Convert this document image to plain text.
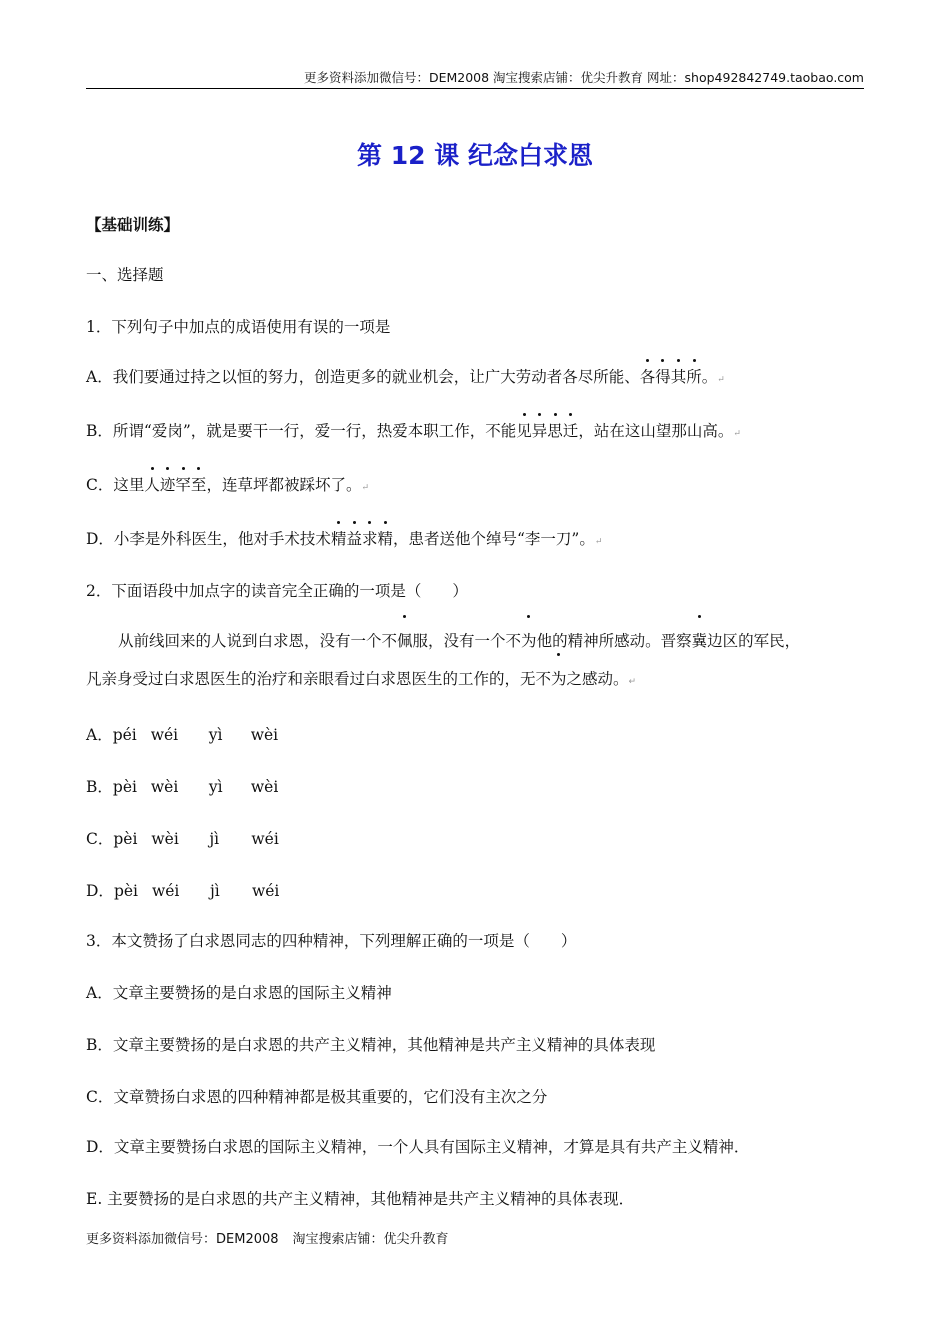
更多资料添加微信号：DEM2008 淘宝搜索店铺：优尖升教育 网址：shop492842749.taobao.com
第 12 课 纪念白求恩
【基础训练】
一、选择题
1．下列句子中加点的成语使用有误的一项是
A．我们要通过持之以恒的努力，创造更多的就业机会，让广大劳动者各尽所能、各得其所。↵
B．所谓“爱岗”，就是要干一行，爱一行，热爱本职工作，不能见异思迁，站在这山望那山高。↵
C．这里人迹罕至，连草坪都被踩坏了。↵
D．小李是外科医生，他对手术技术精益求精，患者送他个绰号“李一刀”。↵
2．下面语段中加点字的读音完全正确的一项是（　　）
从前线回来的人说到白求恩，没有一个不佩服，没有一个不为他的精神所感动。晋察冀边区的军民，
凡亲身受过白求恩医生的治疗和亲眼看过白求恩医生的工作的，无不为之感动。↵
A．péi wéi yì wèi
B．pèi wèi yì wèi
C．pèi wèi jì wéi
D．pèi wéi jì wéi
3．本文赞扬了白求恩同志的四种精神，下列理解正确的一项是（　　）
A．文章主要赞扬的是白求恩的国际主义精神
B．文章主要赞扬的是白求恩的共产主义精神，其他精神是共产主义精神的具体表现
C．文章赞扬白求恩的四种精神都是极其重要的，它们没有主次之分
D．文章主要赞扬白求恩的国际主义精神，一个人具有国际主义精神，才算是具有共产主义精神．
E. 主要赞扬的是白求恩的共产主义精神，其他精神是共产主义精神的具体表现．
更多资料添加微信号：DEM2008 淘宝搜索店铺：优尖升教育
